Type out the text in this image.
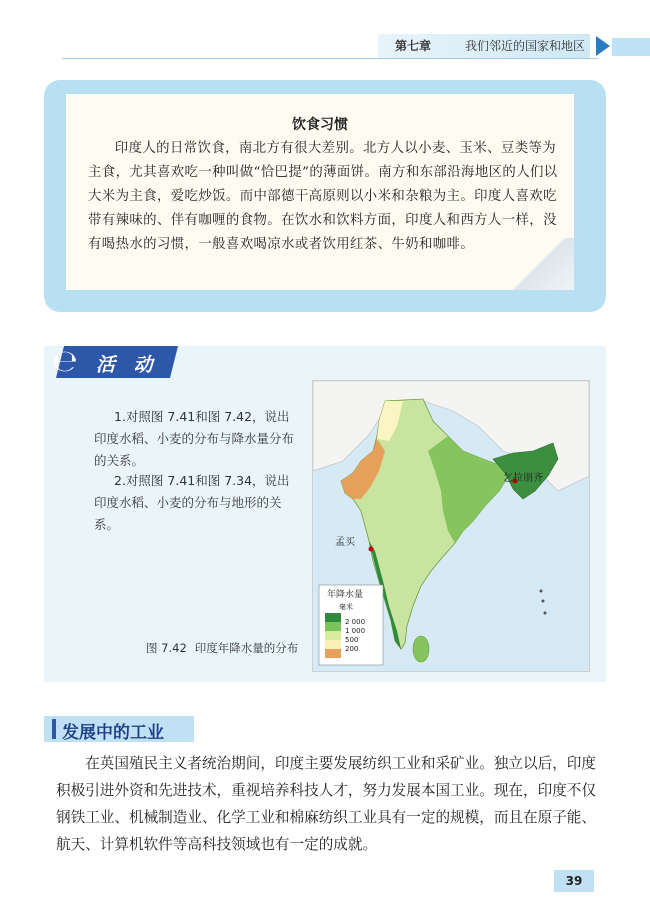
第七章	我们邻近的国家和地区
饮食习惯
印度人的日常饮食，南北方有很大差别。北方人以小麦、玉米、豆类等为主食，尤其喜欢吃一种叫做“恰巴提”的薄面饼。南方和东部沿海地区的人们以大米为主食，爱吃炒饭。而中部德干高原则以小米和杂粮为主。印度人喜欢吃带有辣味的、伴有咖喱的食物。在饮水和饮料方面，印度人和西方人一样，没有喝热水的习惯，一般喜欢喝凉水或者饮用红茶、牛奶和咖啡。
℮ 活 动
1.对照图 7.41和图 7.42，说出印度水稻、小麦的分布与降水量分布的关系。
2.对照图 7.41和图 7.34，说出印度水稻、小麦的分布与地形的关系。
孟买
乞拉朋齐
年降水量
毫米
2 000
1 000
500
200
图 7.42 印度年降水量的分布
发展中的工业
在英国殖民主义者统治期间，印度主要发展纺织工业和采矿业。独立以后，印度积极引进外资和先进技术，重视培养科技人才，努力发展本国工业。现在，印度不仅钢铁工业、机械制造业、化学工业和棉麻纺织工业具有一定的规模，而且在原子能、航天、计算机软件等高科技领域也有一定的成就。
39
